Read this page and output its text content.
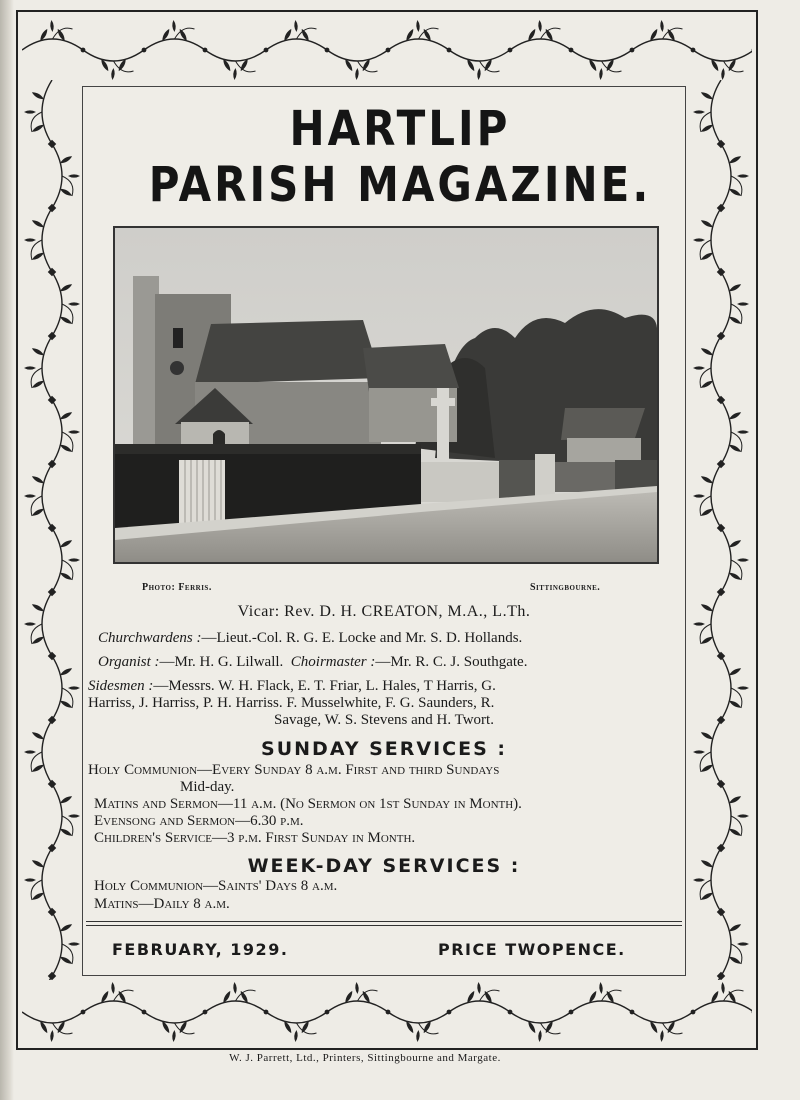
HARTLIP
PARISH MAGAZINE.
Photo: Ferris.	Sittingbourne.
Vicar: Rev. D. H. CREATON, M.A., L.Th.
Churchwardens :—Lieut.-Col. R. G. E. Locke and Mr. S. D. Hollands.
Organist :—Mr. H. G. Lilwall. Choirmaster :—Mr. R. C. J. Southgate.
Sidesmen :—Messrs. W. H. Flack, E. T. Friar, L. Hales, T Harris, G.
Harriss, J. Harriss, P. H. Harriss. F. Musselwhite, F. G. Saunders, R.
Savage, W. S. Stevens and H. Twort.
SUNDAY SERVICES :
Holy Communion—Every Sunday 8 a.m. First and third Sundays
Mid-day.
Matins and Sermon—11 a.m. (No Sermon on 1st Sunday in Month).
Evensong and Sermon—6.30 p.m.
Children's Service—3 p.m. First Sunday in Month.
WEEK-DAY SERVICES :
Holy Communion—Saints' Days 8 a.m.
Matins—Daily 8 a.m.
FEBRUARY, 1929.	PRICE TWOPENCE.
W. J. Parrett, Ltd., Printers, Sittingbourne and Margate.
